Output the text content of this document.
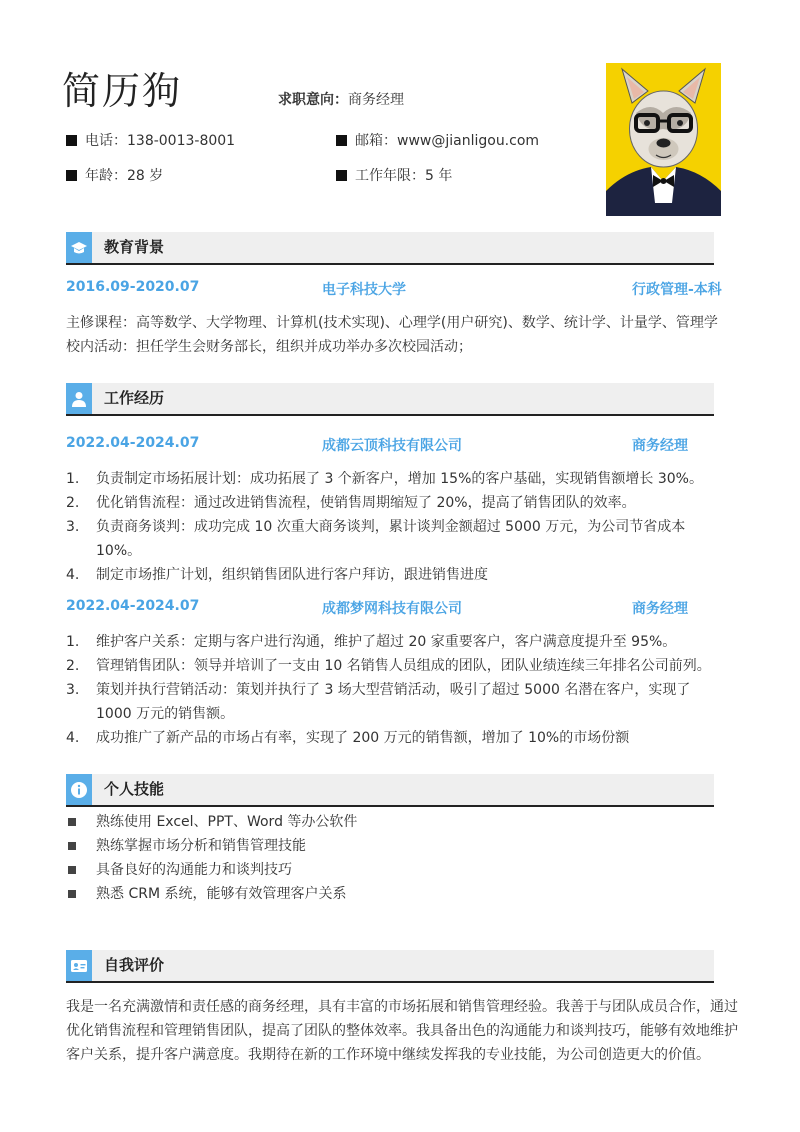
简历狗	求职意向：商务经理
电话：138-0013-8001	邮箱：www@jianligou.com
年龄：28 岁	工作年限：5 年
教育背景
2016.09-2020.07	电子科技大学	行政管理-本科
主修课程：高等数学、大学物理、计算机(技术实现)、心理学(用户研究)、数学、统计学、计量学、管理学
校内活动：担任学生会财务部长，组织并成功举办多次校园活动；
工作经历
2022.04-2024.07	成都云顶科技有限公司	商务经理
1. 负责制定市场拓展计划：成功拓展了 3 个新客户，增加 15%的客户基础，实现销售额增长 30%。
2. 优化销售流程：通过改进销售流程，使销售周期缩短了 20%，提高了销售团队的效率。
3. 负责商务谈判：成功完成 10 次重大商务谈判，累计谈判金额超过 5000 万元，为公司节省成本 10%。
4. 制定市场推广计划，组织销售团队进行客户拜访，跟进销售进度
2022.04-2024.07	成都梦网科技有限公司	商务经理
1. 维护客户关系：定期与客户进行沟通，维护了超过 20 家重要客户，客户满意度提升至 95%。
2. 管理销售团队：领导并培训了一支由 10 名销售人员组成的团队，团队业绩连续三年排名公司前列。
3. 策划并执行营销活动：策划并执行了 3 场大型营销活动，吸引了超过 5000 名潜在客户，实现了 1000 万元的销售额。
4. 成功推广了新产品的市场占有率，实现了 200 万元的销售额，增加了 10%的市场份额
个人技能
熟练使用 Excel、PPT、Word 等办公软件
熟练掌握市场分析和销售管理技能
具备良好的沟通能力和谈判技巧
熟悉 CRM 系统，能够有效管理客户关系
自我评价
我是一名充满激情和责任感的商务经理，具有丰富的市场拓展和销售管理经验。我善于与团队成员合作，通过优化销售流程和管理销售团队，提高了团队的整体效率。我具备出色的沟通能力和谈判技巧，能够有效地维护客户关系，提升客户满意度。我期待在新的工作环境中继续发挥我的专业技能，为公司创造更大的价值。
